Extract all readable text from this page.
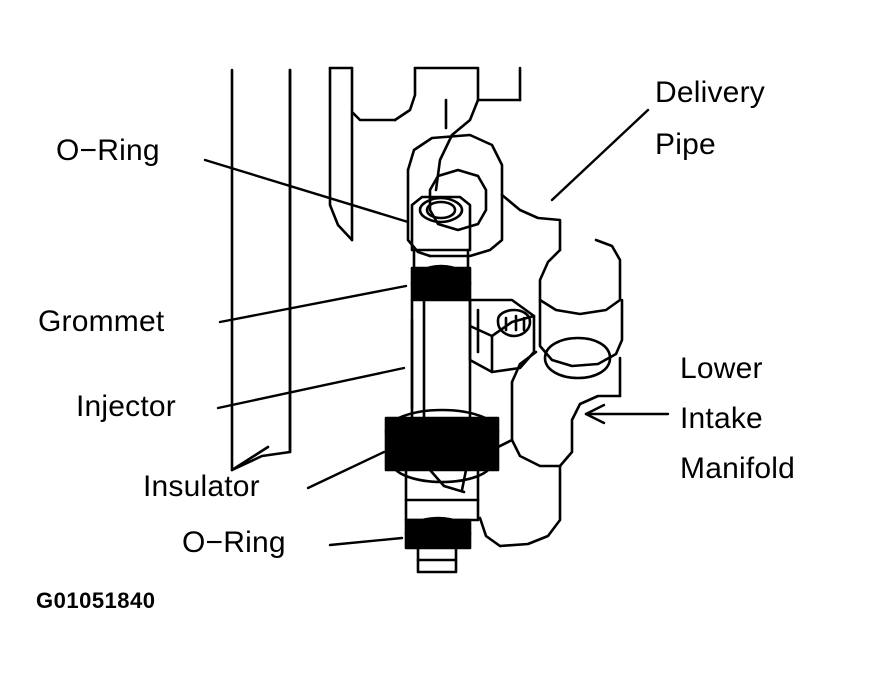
O−Ring
Delivery
Pipe
Grommet
Injector
Insulator
O−Ring
Lower
Intake
Manifold
G01051840
